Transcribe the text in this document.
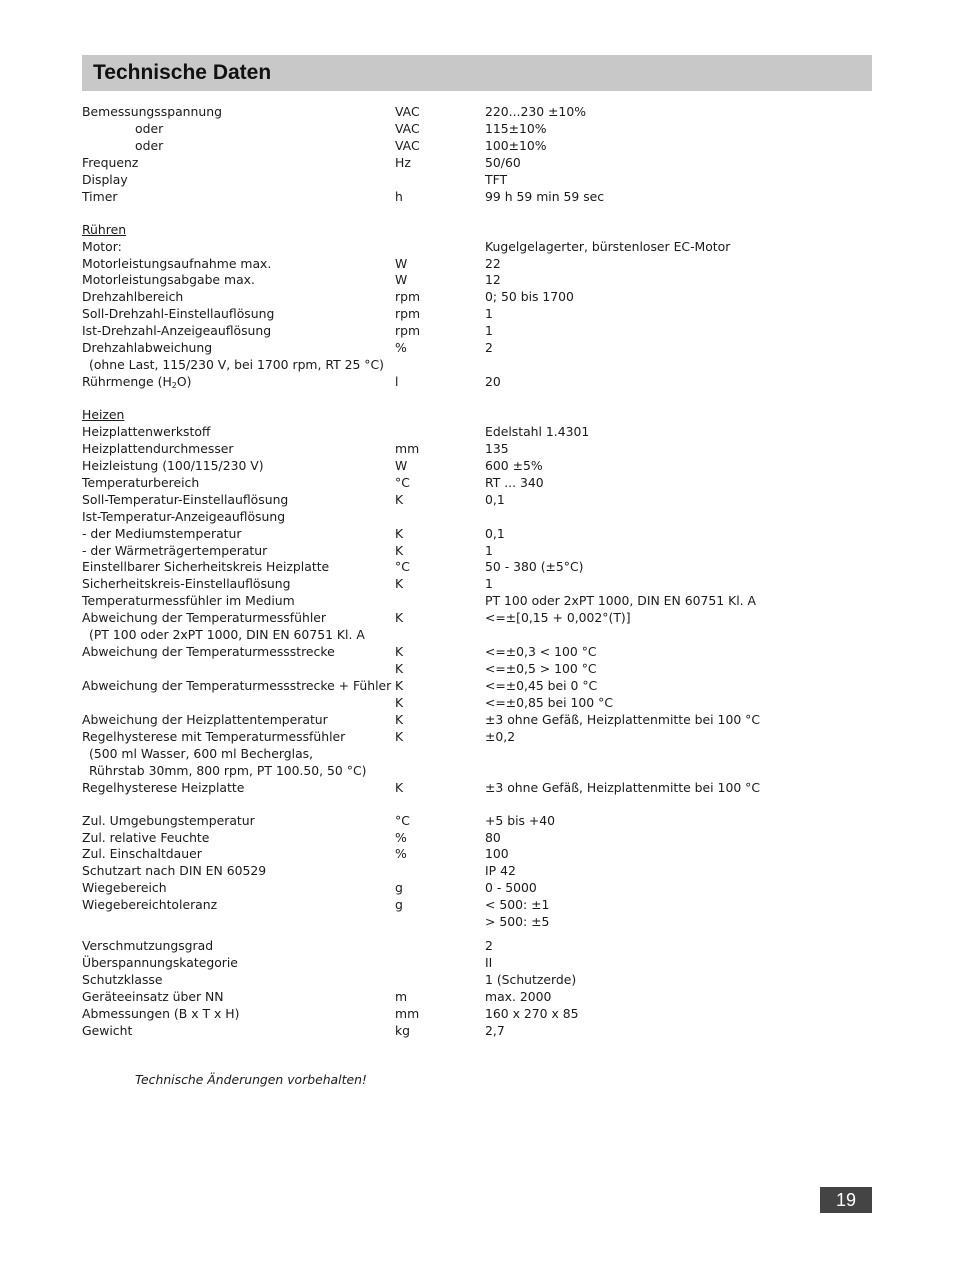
Technische Daten
Bemessungsspannung	VAC	220...230 ±10%
oder	VAC	115±10%
oder	VAC	100±10%
Frequenz	Hz	50/60
Display	TFT
Timer	h	99 h 59 min 59 sec
Rühren
Motor:	Kugelgelagerter, bürstenloser EC-Motor
Motorleistungsaufnahme max.	W	22
Motorleistungsabgabe max.	W	12
Drehzahlbereich	rpm	0; 50 bis 1700
Soll-Drehzahl-Einstellauflösung	rpm	1
Ist-Drehzahl-Anzeigeauflösung	rpm	1
Drehzahlabweichung	%	2
(ohne Last, 115/230 V, bei 1700 rpm, RT 25 °C)
Rührmenge $(H_2O)$	l	20
Heizen
Heizplattenwerkstoff	Edelstahl 1.4301
Heizplattendurchmesser	mm	135
Heizleistung (100/115/230 V)	W	600 ±5%
Temperaturbereich	°C	RT ... 340
Soll-Temperatur-Einstellauflösung	K	0,1
Ist-Temperatur-Anzeigeauflösung
- der Mediumstemperatur	K	0,1
- der Wärmeträgertemperatur	K	1
Einstellbarer Sicherheitskreis Heizplatte	°C	50 - 380 (±5°C)
Sicherheitskreis-Einstellauflösung	K	1
Temperaturmessfühler im Medium	PT 100 oder 2xPT 1000, DIN EN 60751 Kl. A
Abweichung der Temperaturmessfühler	K	<=±[0,15 + 0,002°(T)]
(PT 100 oder 2xPT 1000, DIN EN 60751 Kl. A
Abweichung der Temperaturmessstrecke	K	<=±0,3 < 100 °C
K	<=±0,5 > 100 °C
Abweichung der Temperaturmessstrecke + Fühler K	<=±0,45 bei 0 °C
K	<=±0,85 bei 100 °C
Abweichung der Heizplattentemperatur	K	±3 ohne Gefäß, Heizplattenmitte bei 100 °C
Regelhysterese mit Temperaturmessfühler	K	±0,2
(500 ml Wasser, 600 ml Becherglas,
Rührstab 30mm, 800 rpm, PT 100.50, 50 °C)
Regelhysterese Heizplatte	K	±3 ohne Gefäß, Heizplattenmitte bei 100 °C
Zul. Umgebungstemperatur	°C	+5 bis +40
Zul. relative Feuchte	%	80
Zul. Einschaltdauer	%	100
Schutzart nach DIN EN 60529	IP 42
Wiegebereich	g	0 - 5000
Wiegebereichtoleranz	g	< 500: ±1
> 500: ±5
Verschmutzungsgrad	2
Überspannungskategorie	II
Schutzklasse	1 (Schutzerde)
Geräteeinsatz über NN	m	max. 2000
Abmessungen (B x T x H)	mm	160 x 270 x 85
Gewicht	kg	2,7
Technische Änderungen vorbehalten!
19
